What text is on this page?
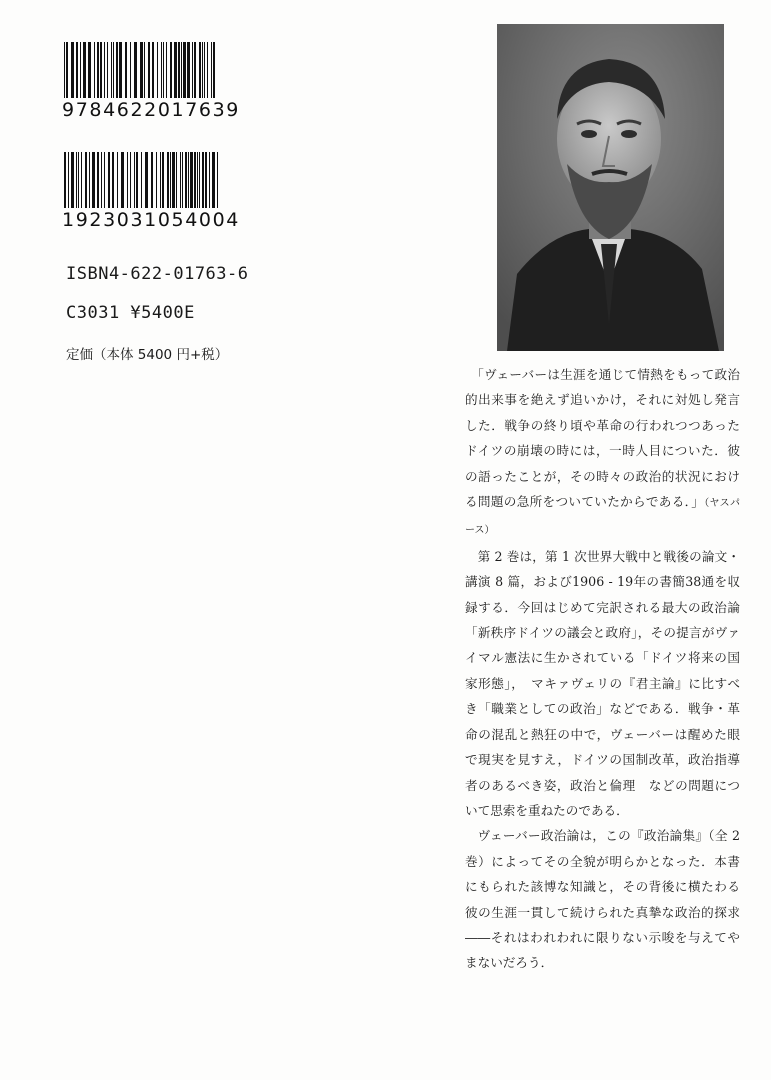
9784622017639
1923031054004
ISBN4-622-01763-6
C3031 ¥5400E
定価（本体 5400 円+税）

「ヴェーバーは生涯を通じて情熱をもって政治的出来事を絶えず追いかけ，それに対処し発言した．戦争の終り頃や革命の行われつつあったドイツの崩壊の時には，一時人目についた．彼の語ったことが，その時々の政治的状況における問題の急所をついていたからである．」（ヤスパース）

第 2 巻は，第 1 次世界大戦中と戦後の論文・講演 8 篇，および1906 - 19年の書簡38通を収録する．今回はじめて完訳される最大の政治論「新秩序ドイツの議会と政府」，その提言がヴァイマル憲法に生かされている「ドイツ将来の国家形態」，　マキァヴェリの『君主論』に比すべき「職業としての政治」などである．戦争・革命の混乱と熱狂の中で，ヴェーバーは醒めた眼で現実を見すえ，ドイツの国制改革，政治指導者のあるべき姿，政治と倫理　などの問題について思索を重ねたのである．

ヴェーバー政治論は，この『政治論集』（全 2 巻）によってその全貌が明らかとなった．本書にもられた該博な知識と，その背後に横たわる彼の生涯一貫して続けられた真摯な政治的探求――それはわれわれに限りない示唆を与えてやまないだろう．
